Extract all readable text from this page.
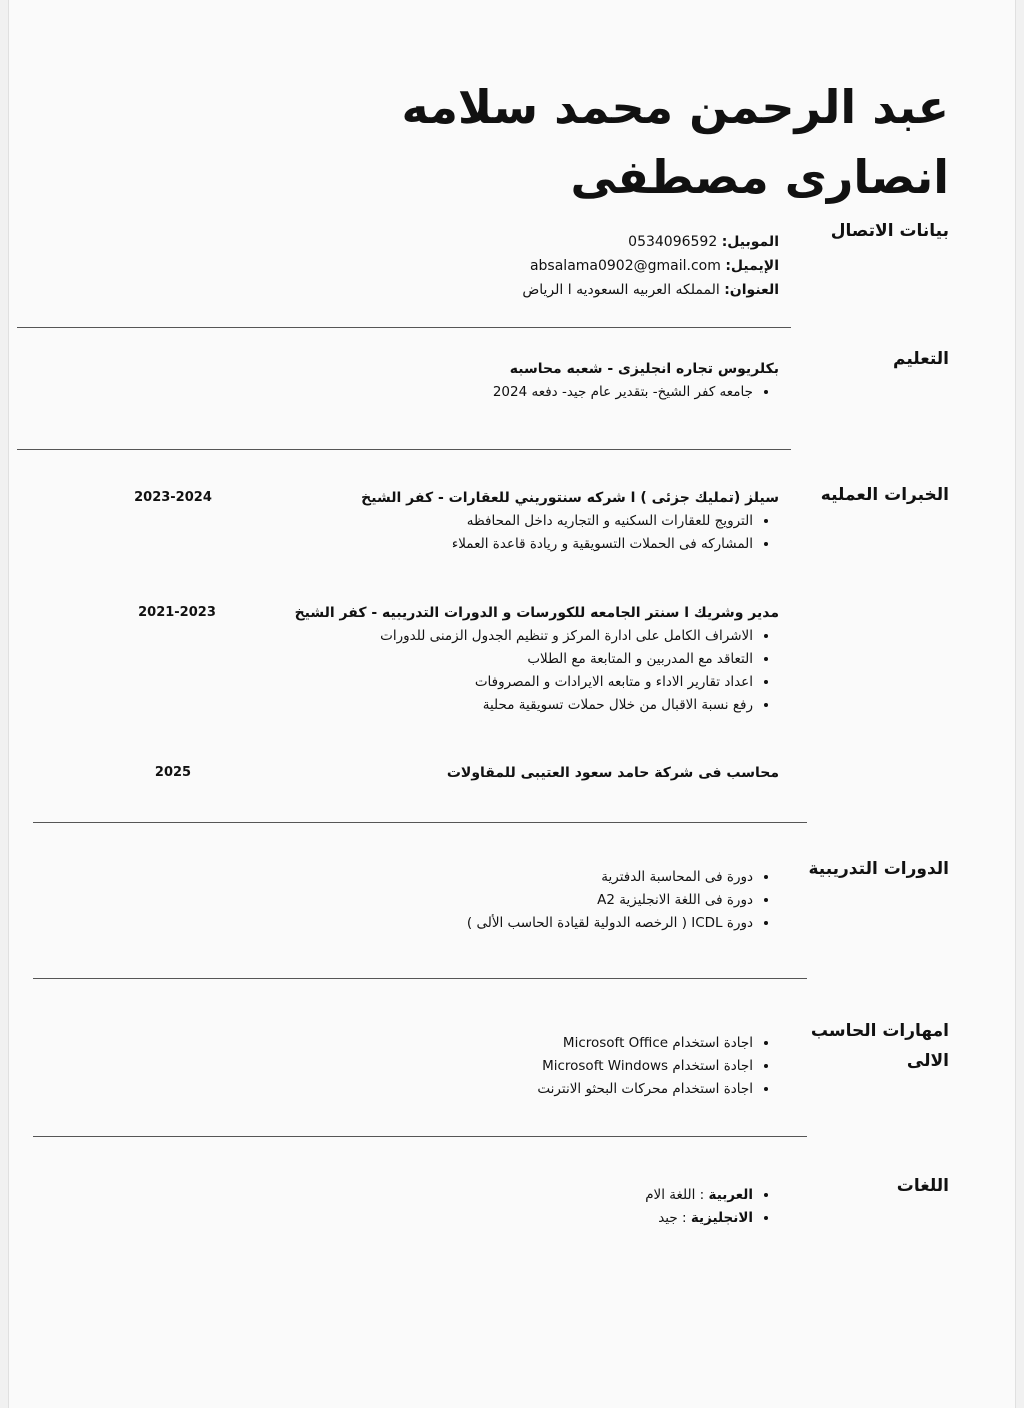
عبد الرحمن محمد سلامه انصارى مصطفى
بيانات الاتصال
الموبيل: 0534096592
الإيميل: absalama0902@gmail.com
العنوان: المملكه العربيه السعوديه ا الرياض
التعليم
بكلريوس تجاره انجليزى - شعبه محاسبه
• جامعه كفر الشيخ- بتقدير عام جيد- دفعه 2024
الخبرات العمليه
سيلز (تمليك جزئى ) ا شركه سنتوريني للعقارات - كفر الشيخ
• الترويج للعقارات السكنيه و التجاريه داخل المحافظه
• المشاركه فى الحملات التسويقية و ريادة قاعدة العملاء
2023-2024
مدير وشريك ا سنتر الجامعه للكورسات و الدورات التدريبيه - كفر الشيخ
• الاشراف الكامل على ادارة المركز و تنظيم الجدول الزمنى للدورات
• التعاقد مع المدربين و المتابعة مع الطلاب
• اعداد تقارير الاداء و متابعه الايرادات و المصروفات
• رفع نسبة الاقبال من خلال حملات تسويقية محلية
2021-2023
محاسب فى شركة حامد سعود العتيبى للمقاولات
2025
الدورات التدريبية
• دورة فى المحاسبة الدفترية
• دورة فى اللغة الانجليزية A2
• دورة ICDL ( الرخصه الدولية لقيادة الحاسب الألى )
امهارات الحاسب الالى
• اجادة استخدام Microsoft Office
• اجادة استخدام Microsoft Windows
• اجادة استخدام محركات البحثو الانترنت
اللغات
• العربية : اللغة الام
• الانجليزية : جيد
